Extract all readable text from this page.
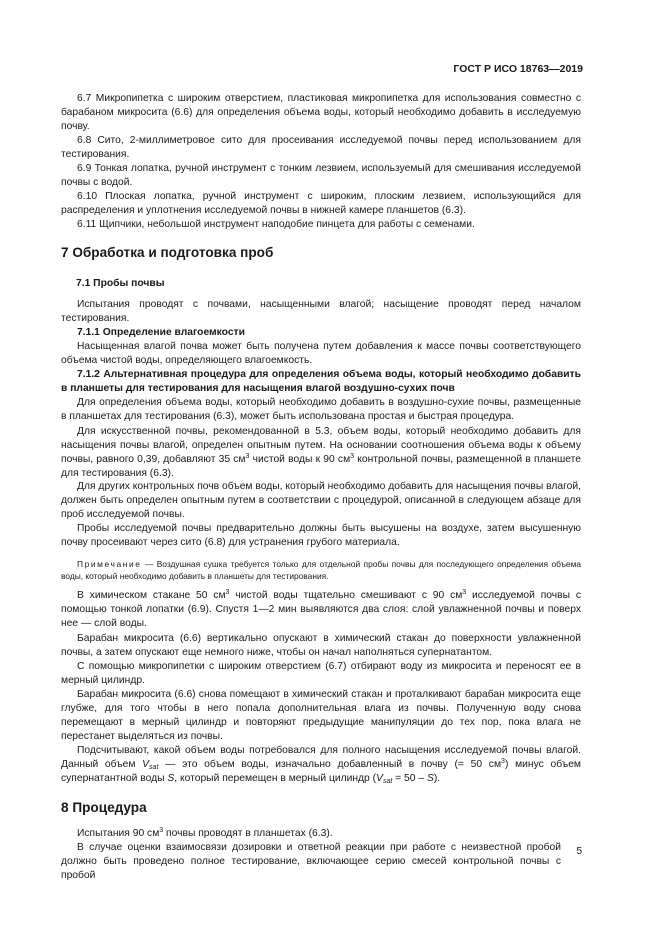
ГОСТ Р ИСО 18763—2019

6.7 Микропипетка с широким отверстием, пластиковая микропипетка для использования совместно с барабаном микросита (6.6) для определения объема воды, который необходимо добавить в исследуемую почву.

6.8 Сито, 2-миллиметровое сито для просеивания исследуемой почвы перед использованием для тестирования.

6.9 Тонкая лопатка, ручной инструмент с тонким лезвием, используемый для смешивания исследуемой почвы с водой.

6.10 Плоская лопатка, ручной инструмент с широким, плоским лезвием, использующийся для распределения и уплотнения исследуемой почвы в нижней камере планшетов (6.3).

6.11 Щипчики, небольшой инструмент наподобие пинцета для работы с семенами.

7 Обработка и подготовка проб
7.1 Пробы почвы

Испытания проводят с почвами, насыщенными влагой; насыщение проводят перед началом тестирования.

7.1.1 Определение влагоемкости

Насыщенная влагой почва может быть получена путем добавления к массе почвы соответствующего объема чистой воды, определяющего влагоемкость.

7.1.2 Альтернативная процедура для определения объема воды, который необходимо добавить в планшеты для тестирования для насыщения влагой воздушно-сухих почв

Для определения объема воды, который необходимо добавить в воздушно-сухие почвы, размещенные в планшетах для тестирования (6.3), может быть использована простая и быстрая процедура.

Для искусственной почвы, рекомендованной в 5.3, объем воды, который необходимо добавить для насыщения почвы влагой, определен опытным путем. На основании соотношения объема воды к объему почвы, равного 0,39, добавляют 35 $см^3$ чистой воды к 90 $см^3$ контрольной почвы, размещенной в планшете для тестирования (6.3).

Для других контрольных почв объем воды, который необходимо добавить для насыщения почвы влагой, должен быть определен опытным путем в соответствии с процедурой, описанной в следующем абзаце для проб исследуемой почвы.

Пробы исследуемой почвы предварительно должны быть высушены на воздухе, затем высушенную почву просеивают через сито (6.8) для устранения грубого материала.

Примечание — Воздушная сушка требуется только для отдельной пробы почвы для последующего определения объема воды, который необходимо добавить в планшеты для тестирования.

В химическом стакане 50 $см^3$ чистой воды тщательно смешивают с 90 $см^3$ исследуемой почвы с помощью тонкой лопатки (6.9). Спустя 1—2 мин выявляются два слоя: слой увлажненной почвы и поверх нее — слой воды.

Барабан микросита (6.6) вертикально опускают в химический стакан до поверхности увлажненной почвы, а затем опускают еще немного ниже, чтобы он начал наполняться супернатантом.

С помощью микропипетки с широким отверстием (6.7) отбирают воду из микросита и переносят ее в мерный цилиндр.

Барабан микросита (6.6) снова помещают в химический стакан и проталкивают барабан микросита еще глубже, для того чтобы в него попала дополнительная влага из почвы. Полученную воду снова перемещают в мерный цилиндр и повторяют предыдущие манипуляции до тех пор, пока влага не перестанет выделяться из почвы.

Подсчитывают, какой объем воды потребовался для полного насыщения исследуемой почвы влагой. Данный объем $V_{sat}$ — это объем воды, изначально добавленный в почву (= 50 $см^3$) минус объем супернатантной воды S, который перемещен в мерный цилиндр $(V_{sat} = 50 - S)$.

8 Процедура

Испытания 90 $см^3$ почвы проводят в планшетах (6.3).

В случае оценки взаимосвязи дозировки и ответной реакции при работе с неизвестной пробой должно быть проведено полное тестирование, включающее серию смесей контрольной почвы с пробой

5
